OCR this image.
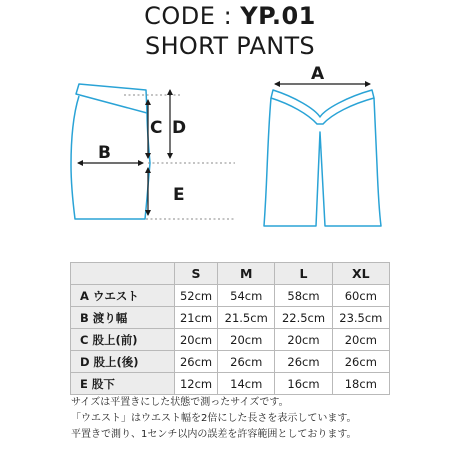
CODE : YP.01
SHORT PANTS
C D
B
E
A
	S	M	L	XL
A ウエスト	52cm	54cm	58cm	60cm
B 渡り幅	21cm	21.5cm	22.5cm	23.5cm
C 股上(前)	20cm	20cm	20cm	20cm
D 股上(後)	26cm	26cm	26cm	26cm
E 股下	12cm	14cm	16cm	18cm
サイズは平置きにした状態で測ったサイズです。
「ウエスト」はウエスト幅を2倍にした長さを表示しています。
平置きで測り、1センチ以内の誤差を許容範囲としております。
